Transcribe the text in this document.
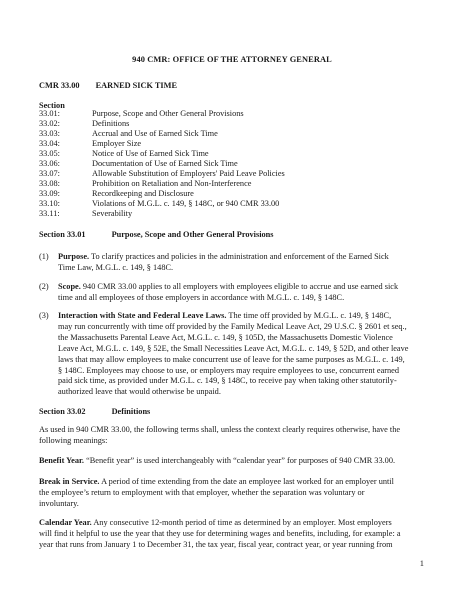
940 CMR: OFFICE OF THE ATTORNEY GENERAL
CMR 33.00 EARNED SICK TIME
Section
33.01:	Purpose, Scope and Other General Provisions
33.02:	Definitions
33.03:	Accrual and Use of Earned Sick Time
33.04:	Employer Size
33.05:	Notice of Use of Earned Sick Time
33.06:	Documentation of Use of Earned Sick Time
33.07:	Allowable Substitution of Employers' Paid Leave Policies
33.08:	Prohibition on Retaliation and Non-Interference
33.09:	Recordkeeping and Disclosure
33.10:	Violations of M.G.L. c. 149, § 148C, or 940 CMR 33.00
33.11:	Severability
Section 33.01	Purpose, Scope and Other General Provisions
(1) Purpose. To clarify practices and policies in the administration and enforcement of the Earned Sick
Time Law, M.G.L. c. 149, § 148C.
(2) Scope. 940 CMR 33.00 applies to all employers with employees eligible to accrue and use earned sick
time and all employees of those employers in accordance with M.G.L. c. 149, § 148C.
(3) Interaction with State and Federal Leave Laws. The time off provided by M.G.L. c. 149, § 148C,
may run concurrently with time off provided by the Family Medical Leave Act, 29 U.S.C. § 2601 et seq.,
the Massachusetts Parental Leave Act, M.G.L. c. 149, § 105D, the Massachusetts Domestic Violence
Leave Act, M.G.L. c. 149, § 52E, the Small Necessities Leave Act, M.G.L. c. 149, § 52D, and other leave
laws that may allow employees to make concurrent use of leave for the same purposes as M.G.L. c. 149,
§ 148C. Employees may choose to use, or employers may require employees to use, concurrent earned
paid sick time, as provided under M.G.L. c. 149, § 148C, to receive pay when taking other statutorily-
authorized leave that would otherwise be unpaid.
Section 33.02	Definitions
As used in 940 CMR 33.00, the following terms shall, unless the context clearly requires otherwise, have the
following meanings:
Benefit Year. “Benefit year” is used interchangeably with “calendar year” for purposes of 940 CMR 33.00.
Break in Service. A period of time extending from the date an employee last worked for an employer until
the employee’s return to employment with that employer, whether the separation was voluntary or
involuntary.
Calendar Year. Any consecutive 12-month period of time as determined by an employer. Most employers
will find it helpful to use the year that they use for determining wages and benefits, including, for example: a
year that runs from January 1 to December 31, the tax year, fiscal year, contract year, or year running from
1
